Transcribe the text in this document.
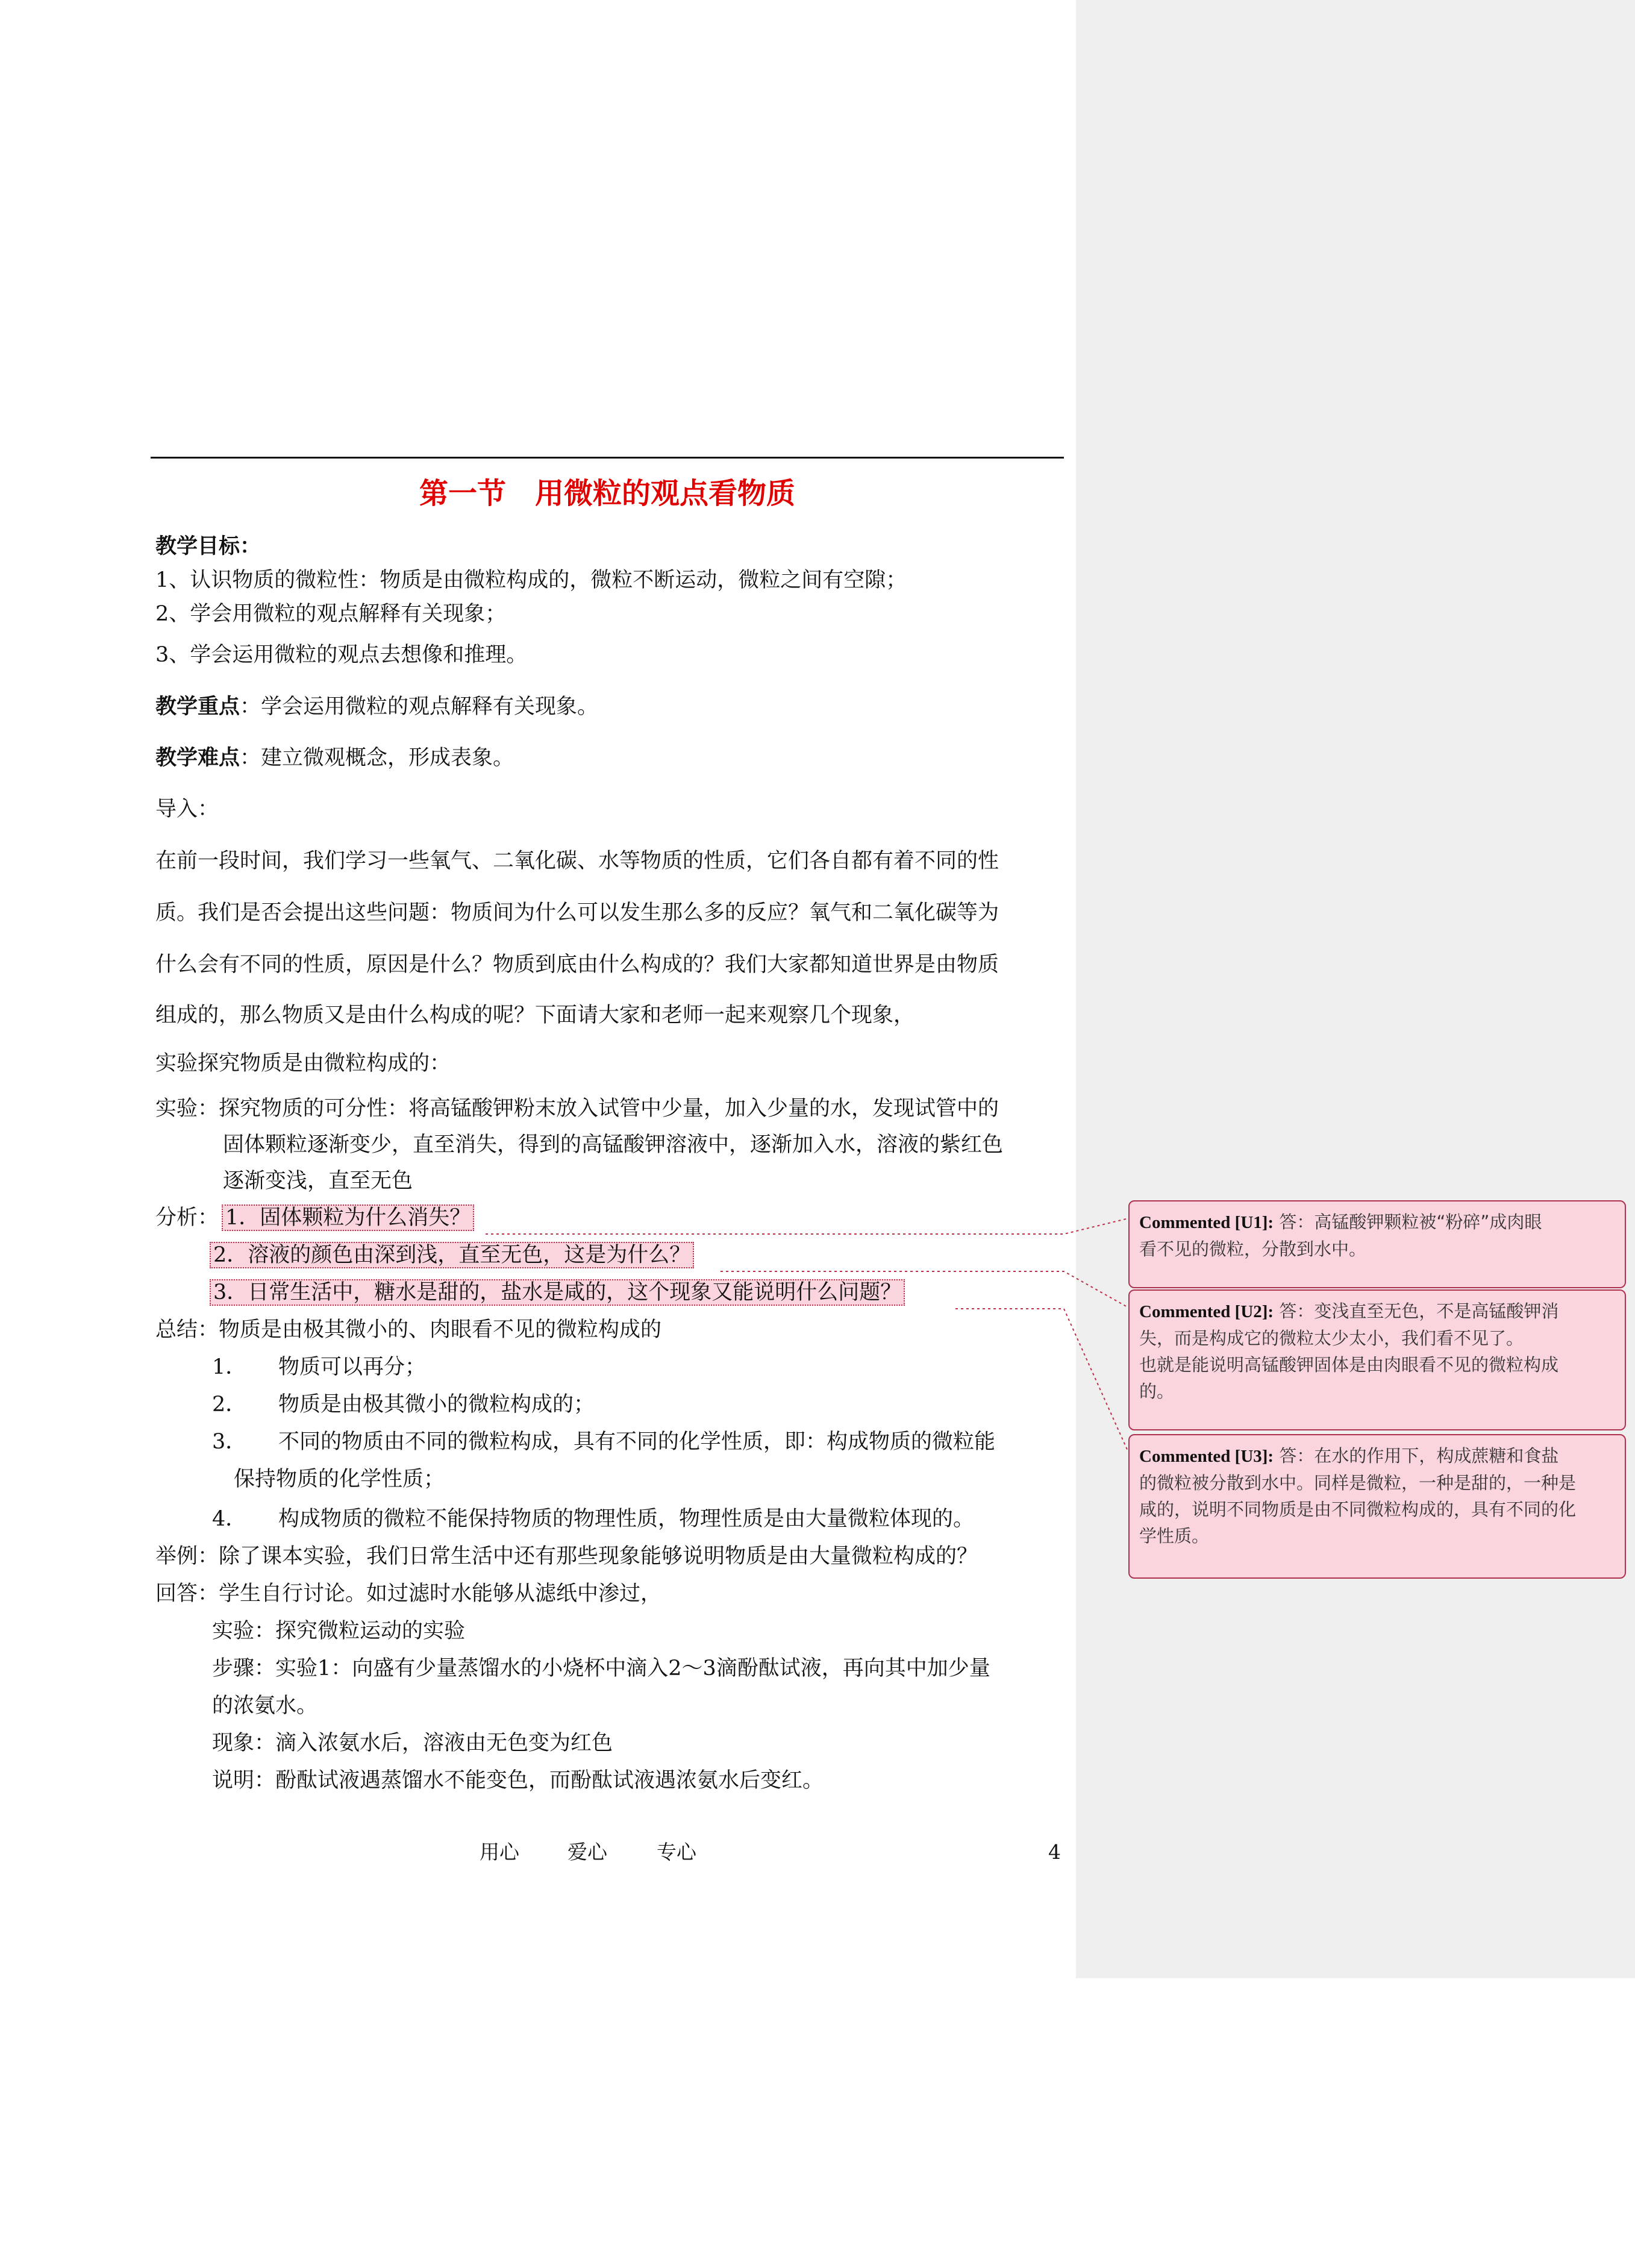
第一节　用微粒的观点看物质
教学目标：
1、认识物质的微粒性：物质是由微粒构成的，微粒不断运动，微粒之间有空隙；
2、学会用微粒的观点解释有关现象；
3、学会运用微粒的观点去想像和推理。
教学重点：学会运用微粒的观点解释有关现象。
教学难点：建立微观概念，形成表象。
导入：
在前一段时间，我们学习一些氧气、二氧化碳、水等物质的性质，它们各自都有着不同的性
质。我们是否会提出这些问题：物质间为什么可以发生那么多的反应？氧气和二氧化碳等为
什么会有不同的性质，原因是什么？物质到底由什么构成的？我们大家都知道世界是由物质
组成的，那么物质又是由什么构成的呢？下面请大家和老师一起来观察几个现象，
实验探究物质是由微粒构成的：
实验：探究物质的可分性：将高锰酸钾粉末放入试管中少量，加入少量的水，发现试管中的
固体颗粒逐渐变少，直至消失，得到的高锰酸钾溶液中，逐渐加入水，溶液的紫红色
逐渐变浅，直至无色
分析： 1．固体颗粒为什么消失？
2．溶液的颜色由深到浅，直至无色，这是为什么？
3．日常生活中，糖水是甜的，盐水是咸的，这个现象又能说明什么问题？
总结：物质是由极其微小的、肉眼看不见的微粒构成的
1． 物质可以再分；
2． 物质是由极其微小的微粒构成的；
3． 不同的物质由不同的微粒构成，具有不同的化学性质，即：构成物质的微粒能
保持物质的化学性质；
4． 构成物质的微粒不能保持物质的物理性质，物理性质是由大量微粒体现的。
举例：除了课本实验，我们日常生活中还有那些现象能够说明物质是由大量微粒构成的？
回答：学生自行讨论。如过滤时水能够从滤纸中渗过，
实验：探究微粒运动的实验
步骤：实验1：向盛有少量蒸馏水的小烧杯中滴入2～3滴酚酞试液，再向其中加少量
的浓氨水。
现象：滴入浓氨水后，溶液由无色变为红色
说明：酚酞试液遇蒸馏水不能变色，而酚酞试液遇浓氨水后变红。
用心 爱心 专心	4
Commented [U1]: 答：高锰酸钾颗粒被“粉碎”成肉眼
看不见的微粒，分散到水中。
Commented [U2]: 答：变浅直至无色，不是高锰酸钾消
失，而是构成它的微粒太少太小，我们看不见了。
也就是能说明高锰酸钾固体是由肉眼看不见的微粒构成
的。
Commented [U3]: 答：在水的作用下，构成蔗糖和食盐
的微粒被分散到水中。同样是微粒，一种是甜的，一种是
咸的，说明不同物质是由不同微粒构成的，具有不同的化
学性质。
